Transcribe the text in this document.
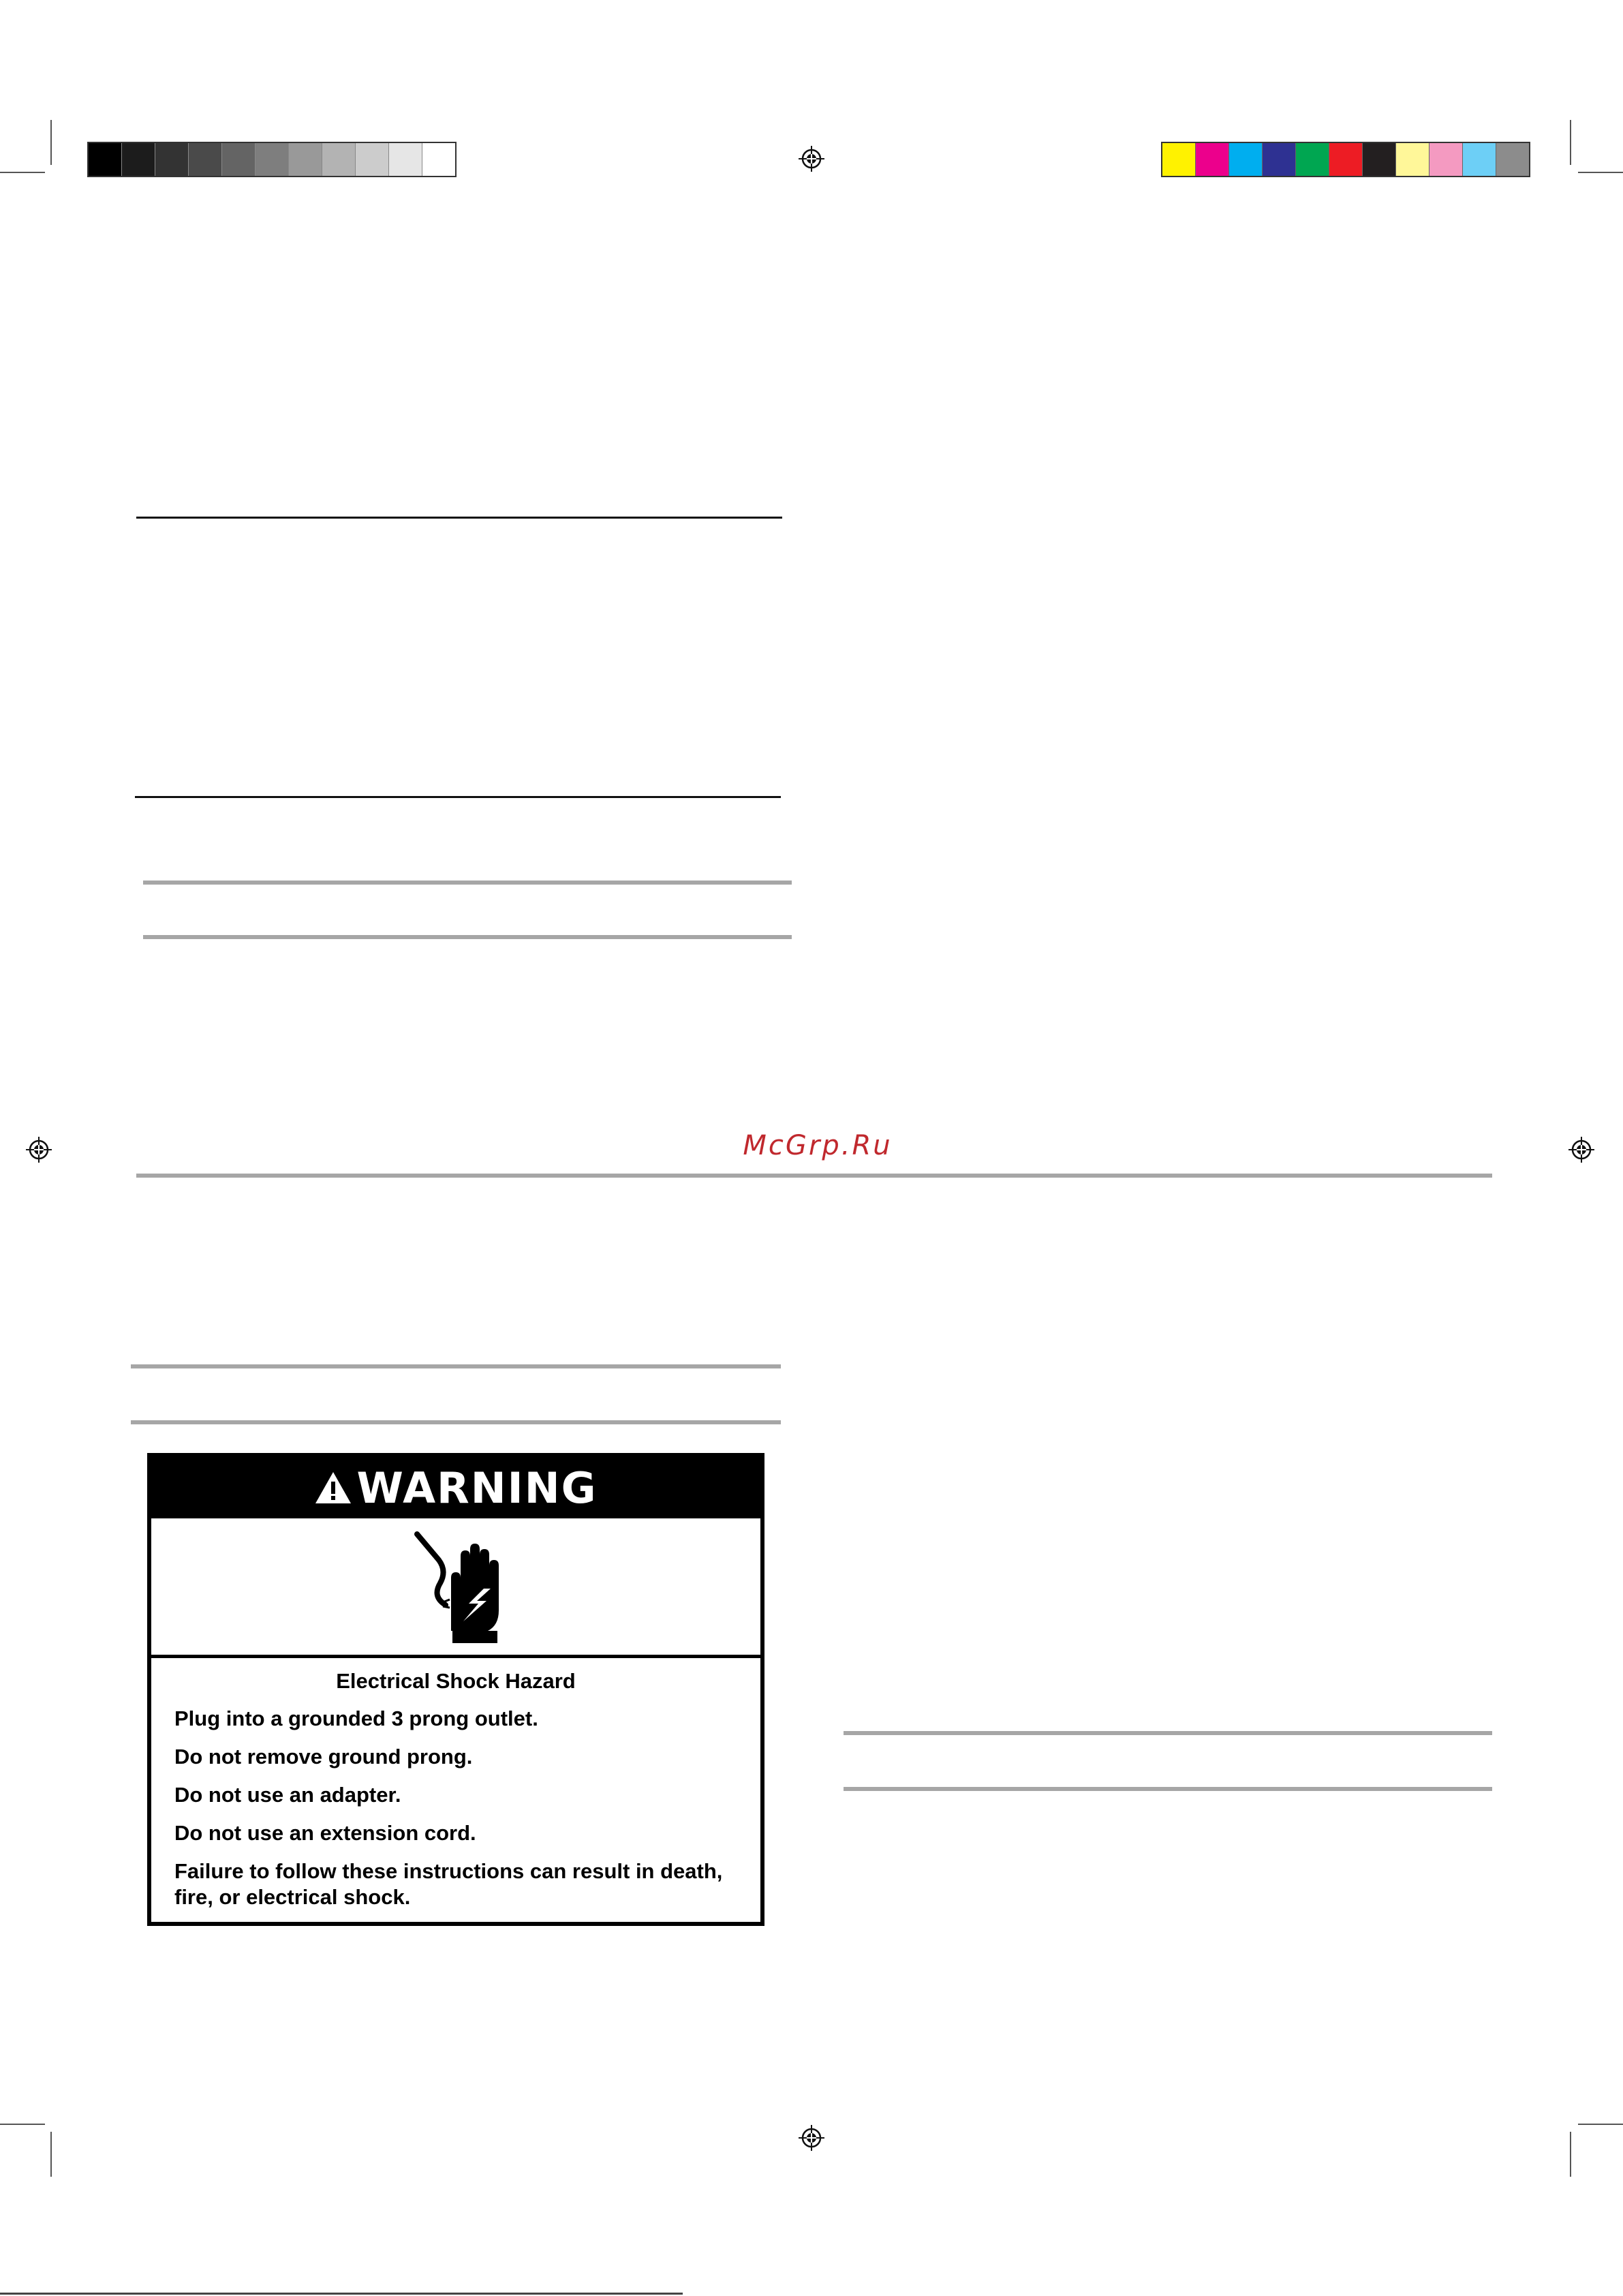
McGrp.Ru
WARNING
Electrical Shock Hazard
Plug into a grounded 3 prong outlet.
Do not remove ground prong.
Do not use an adapter.
Do not use an extension cord.
Failure to follow these instructions can result in death, fire, or electrical shock.
